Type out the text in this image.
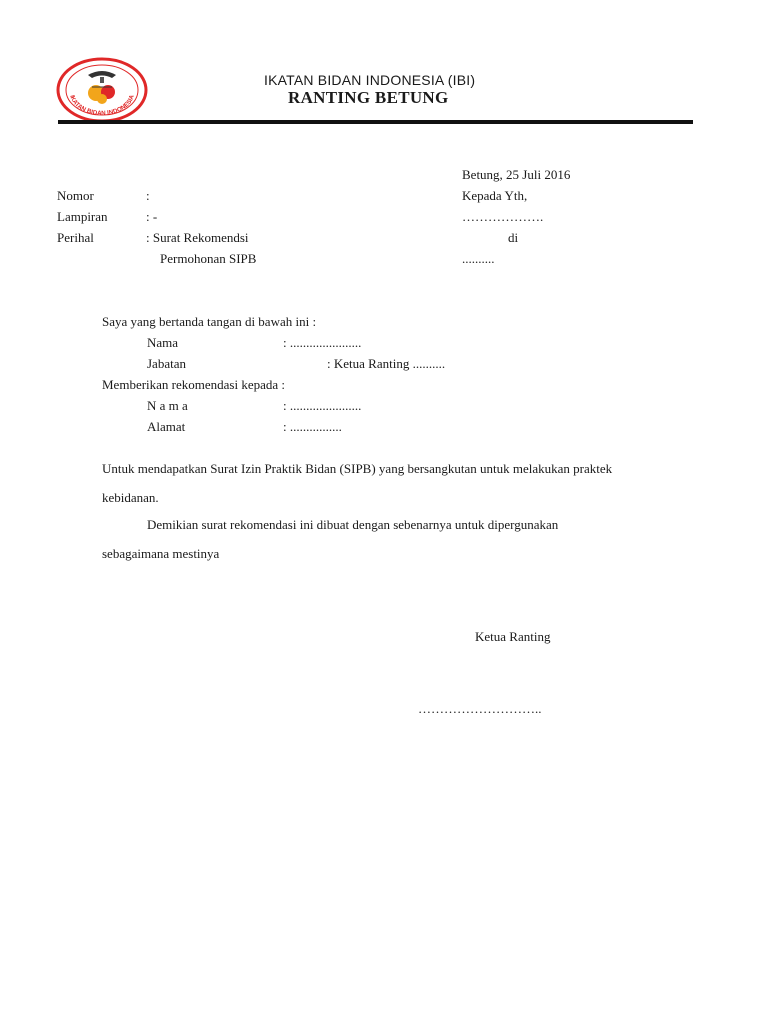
IKATAN BIDAN INDONESIA
IKATAN BIDAN INDONESIA (IBI)
RANTING BETUNG
Betung, 25 Juli 2016
Nomor	:
Lampiran	: -
Perihal	: Surat Rekomendsi
Permohonan SIPB
Kepada Yth,
……………….
di
..........
Saya yang bertanda tangan di bawah ini :
Nama	: ......................
Jabatan	: Ketua Ranting ..........
Memberikan rekomendasi kepada :
N a m a	: ......................
Alamat	: ................
Untuk mendapatkan Surat Izin Praktik Bidan (SIPB) yang bersangkutan untuk melakukan praktek
kebidanan.
Demikian surat rekomendasi ini dibuat dengan sebenarnya untuk dipergunakan
sebagaimana mestinya
Ketua Ranting
………………………..
